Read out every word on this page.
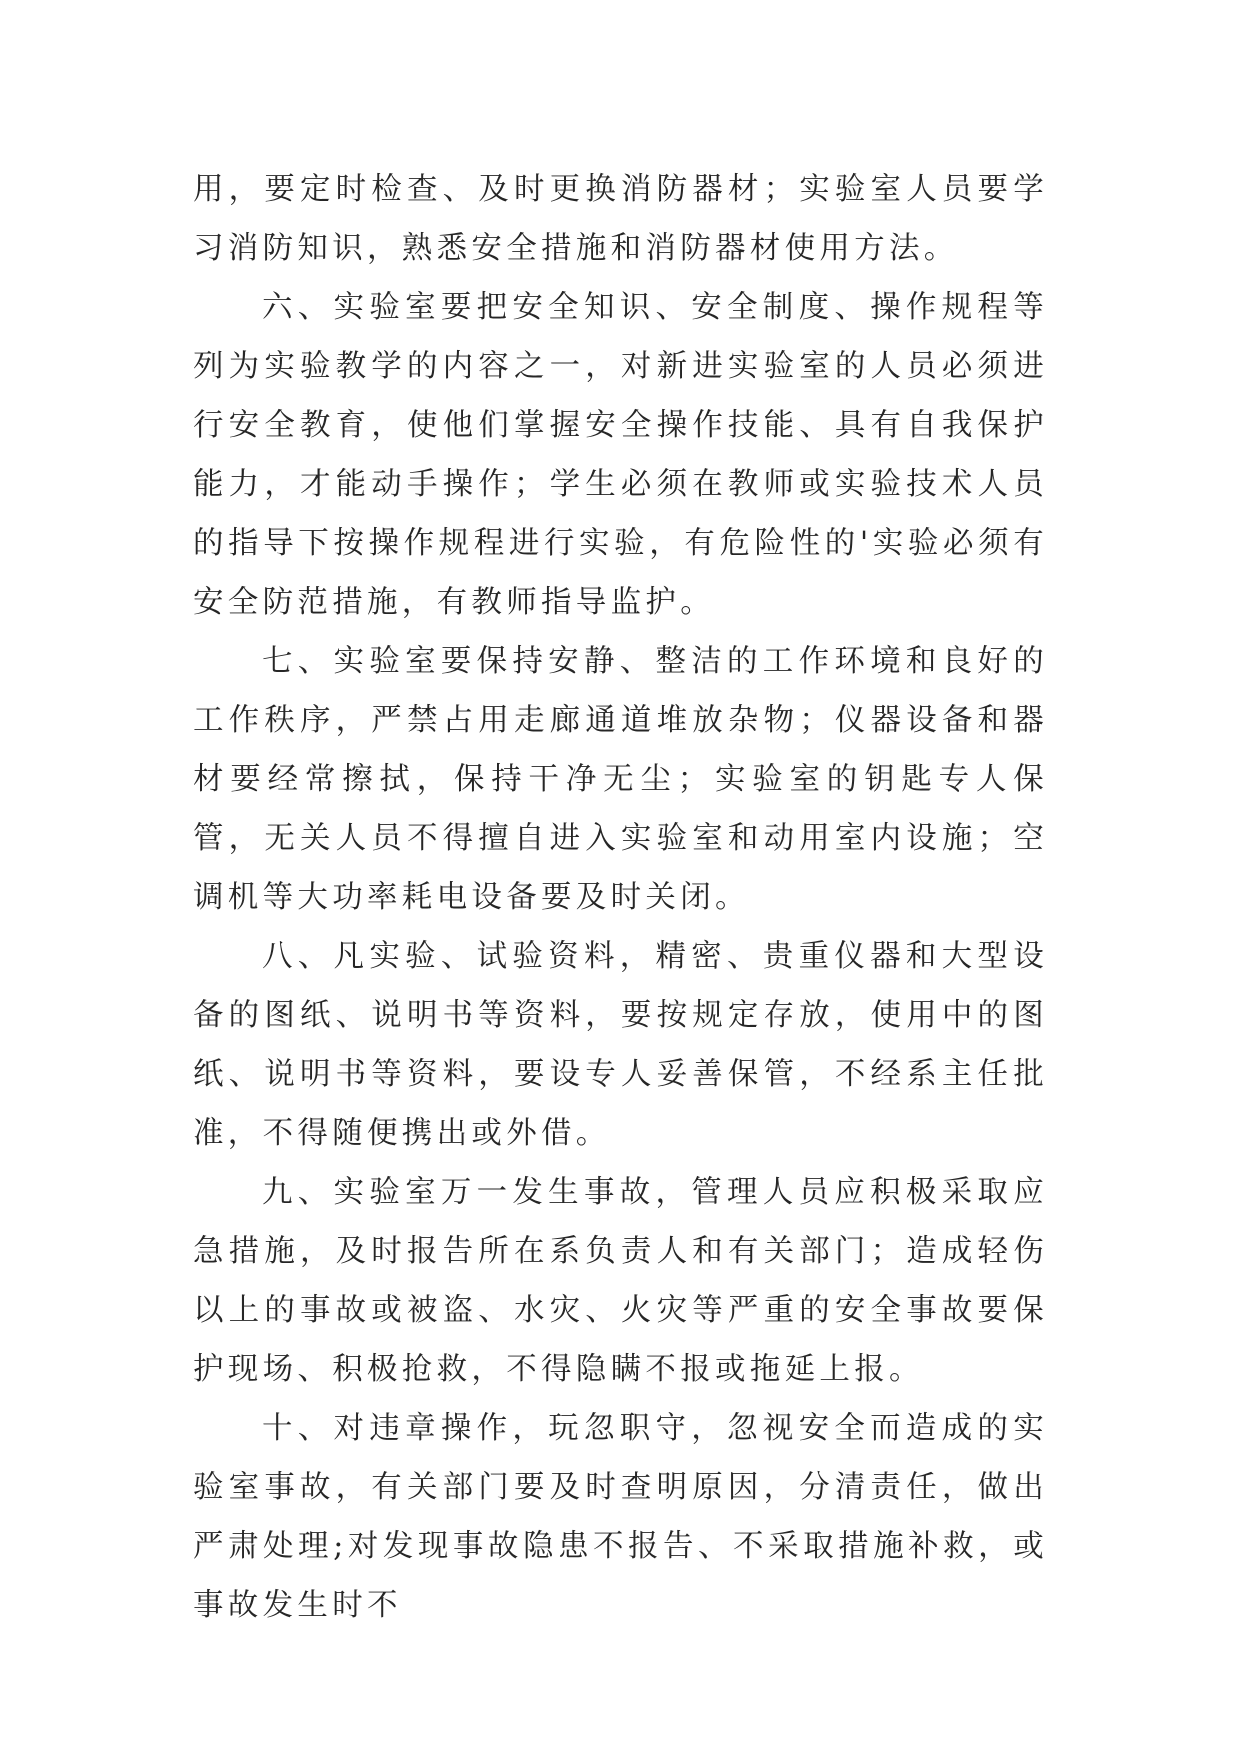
用，要定时检查、及时更换消防器材；实验室人员要学习消防知识，熟悉安全措施和消防器材使用方法。

六、实验室要把安全知识、安全制度、操作规程等列为实验教学的内容之一，对新进实验室的人员必须进行安全教育，使他们掌握安全操作技能、具有自我保护能力，才能动手操作；学生必须在教师或实验技术人员的指导下按操作规程进行实验，有危险性的'实验必须有安全防范措施，有教师指导监护。

七、实验室要保持安静、整洁的工作环境和良好的工作秩序，严禁占用走廊通道堆放杂物；仪器设备和器材要经常擦拭，保持干净无尘；实验室的钥匙专人保管，无关人员不得擅自进入实验室和动用室内设施；空调机等大功率耗电设备要及时关闭。

八、凡实验、试验资料，精密、贵重仪器和大型设备的图纸、说明书等资料，要按规定存放，使用中的图纸、说明书等资料，要设专人妥善保管，不经系主任批准，不得随便携出或外借。

九、实验室万一发生事故，管理人员应积极采取应急措施，及时报告所在系负责人和有关部门；造成轻伤以上的事故或被盗、水灾、火灾等严重的安全事故要保护现场、积极抢救，不得隐瞒不报或拖延上报。

十、对违章操作，玩忽职守，忽视安全而造成的实验室事故，有关部门要及时查明原因，分清责任，做出严肃处理;对发现事故隐患不报告、不采取措施补救，或事故发生时不
